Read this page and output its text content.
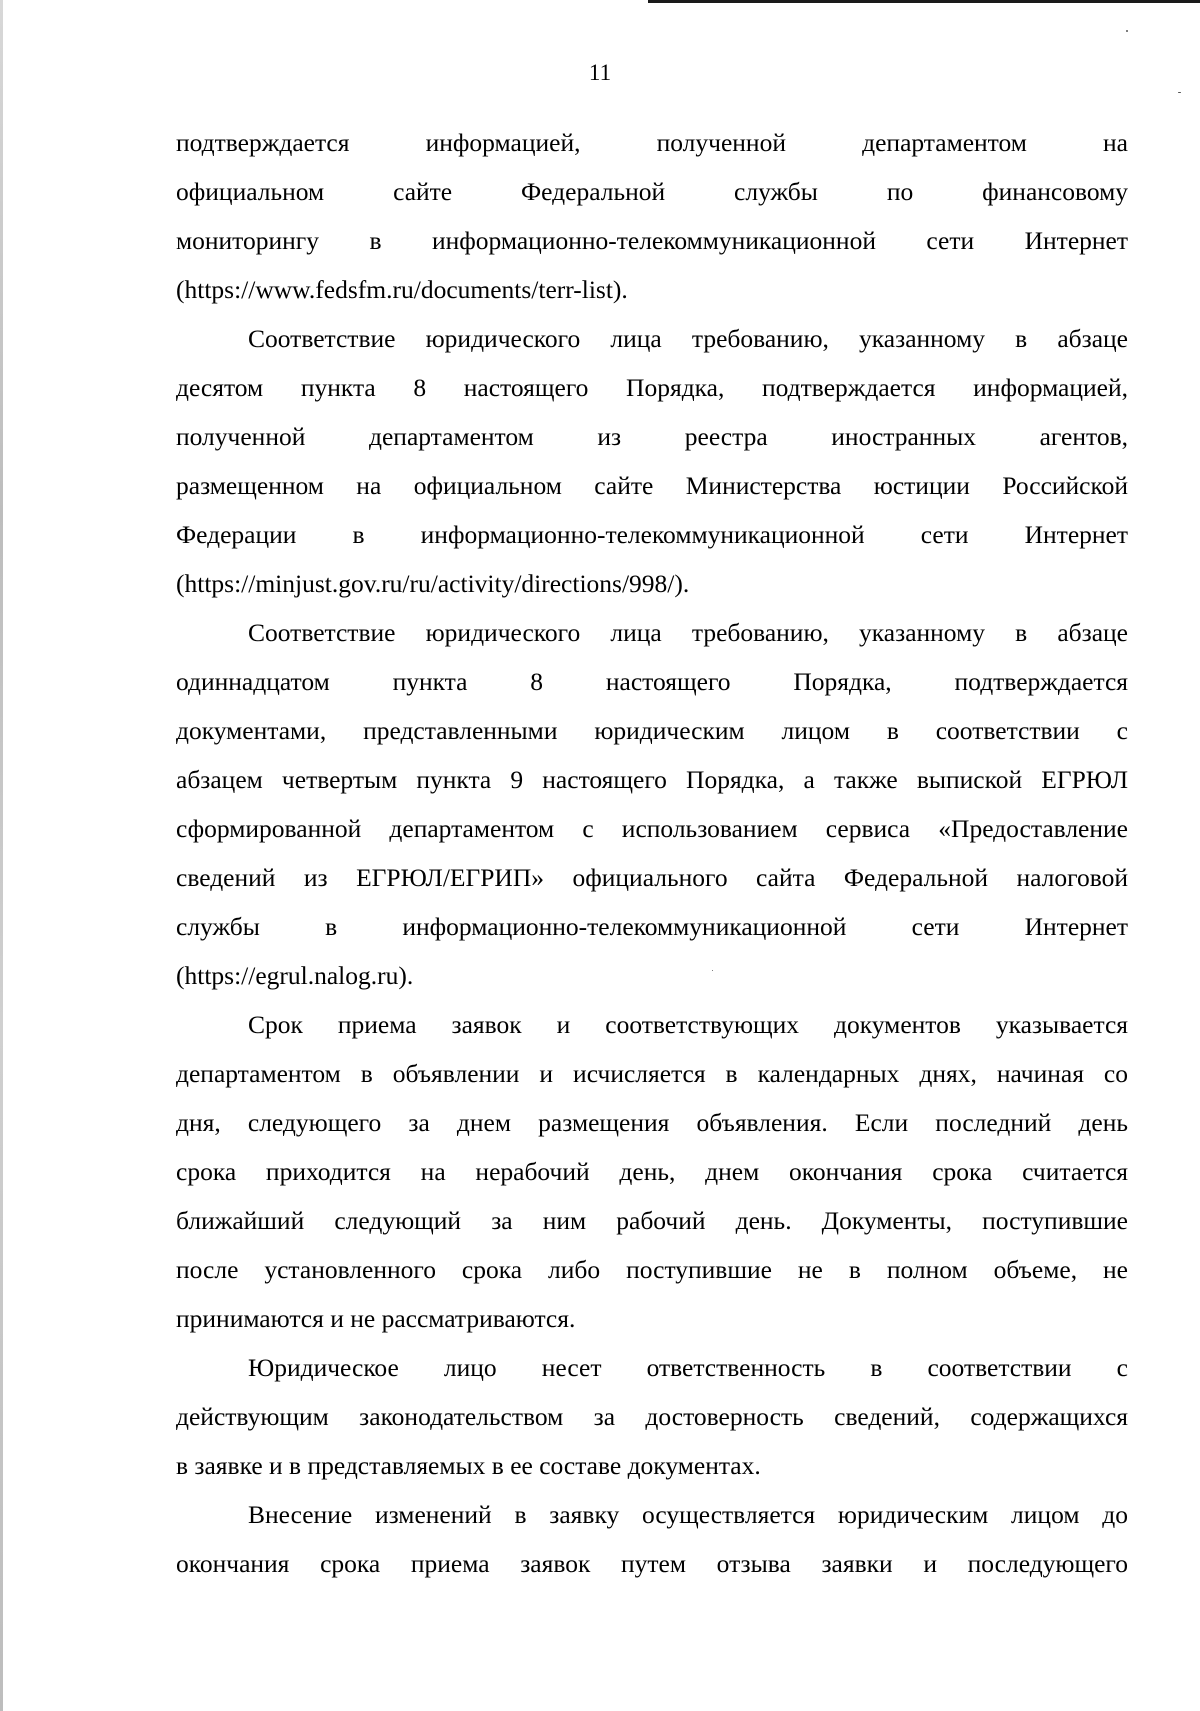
11

подтверждается информацией, полученной департаментом на

официальном сайте Федеральной службы по финансовому

мониторингу в информационно-телекоммуникационной сети Интернет

(https://www.fedsfm.ru/documents/terr-list).

Соответствие юридического лица требованию, указанному в абзаце

десятом пункта 8 настоящего Порядка, подтверждается информацией,

полученной департаментом из реестра иностранных агентов,

размещенном на официальном сайте Министерства юстиции Российской

Федерации в информационно-телекоммуникационной сети Интернет

(https://minjust.gov.ru/ru/activity/directions/998/).

Соответствие юридического лица требованию, указанному в абзаце

одиннадцатом пункта 8 настоящего Порядка, подтверждается

документами, представленными юридическим лицом в соответствии с

абзацем четвертым пункта 9 настоящего Порядка, а также выпиской ЕГРЮЛ

сформированной департаментом с использованием сервиса «Предоставление

сведений из ЕГРЮЛ/ЕГРИП» официального сайта Федеральной налоговой

службы в информационно-телекоммуникационной сети Интернет

(https://egrul.nalog.ru).

Срок приема заявок и соответствующих документов указывается

департаментом в объявлении и исчисляется в календарных днях, начиная со

дня, следующего за днем размещения объявления. Если последний день

срока приходится на нерабочий день, днем окончания срока считается

ближайший следующий за ним рабочий день. Документы, поступившие

после установленного срока либо поступившие не в полном объеме, не

принимаются и не рассматриваются.

Юридическое лицо несет ответственность в соответствии с

действующим законодательством за достоверность сведений, содержащихся

в заявке и в представляемых в ее составе документах.

Внесение изменений в заявку осуществляется юридическим лицом до

окончания срока приема заявок путем отзыва заявки и последующего
